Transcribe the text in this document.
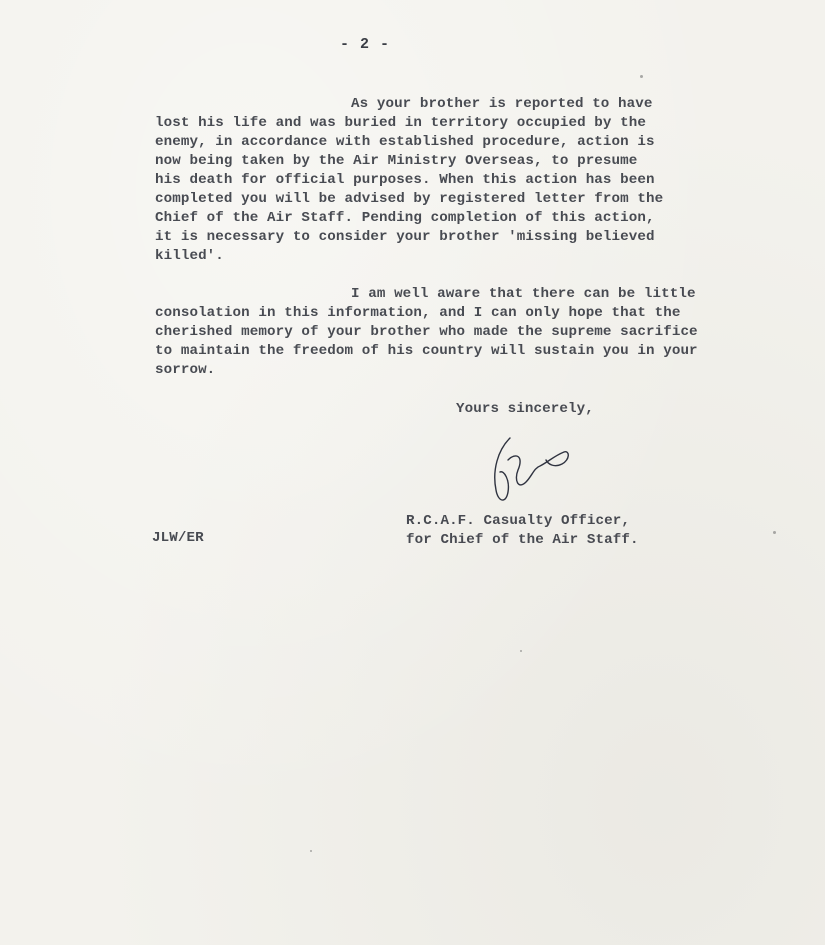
- 2 -
As your brother is reported to have
lost his life and was buried in territory occupied by the
enemy, in accordance with established procedure, action is
now being taken by the Air Ministry Overseas, to presume
his death for official purposes. When this action has been
completed you will be advised by registered letter from the
Chief of the Air Staff. Pending completion of this action,
it is necessary to consider your brother 'missing believed
killed'.
I am well aware that there can be little
consolation in this information, and I can only hope that the
cherished memory of your brother who made the supreme sacrifice
to maintain the freedom of his country will sustain you in your
sorrow.
Yours sincerely,
R.C.A.F. Casualty Officer,
for Chief of the Air Staff.
JLW/ER
